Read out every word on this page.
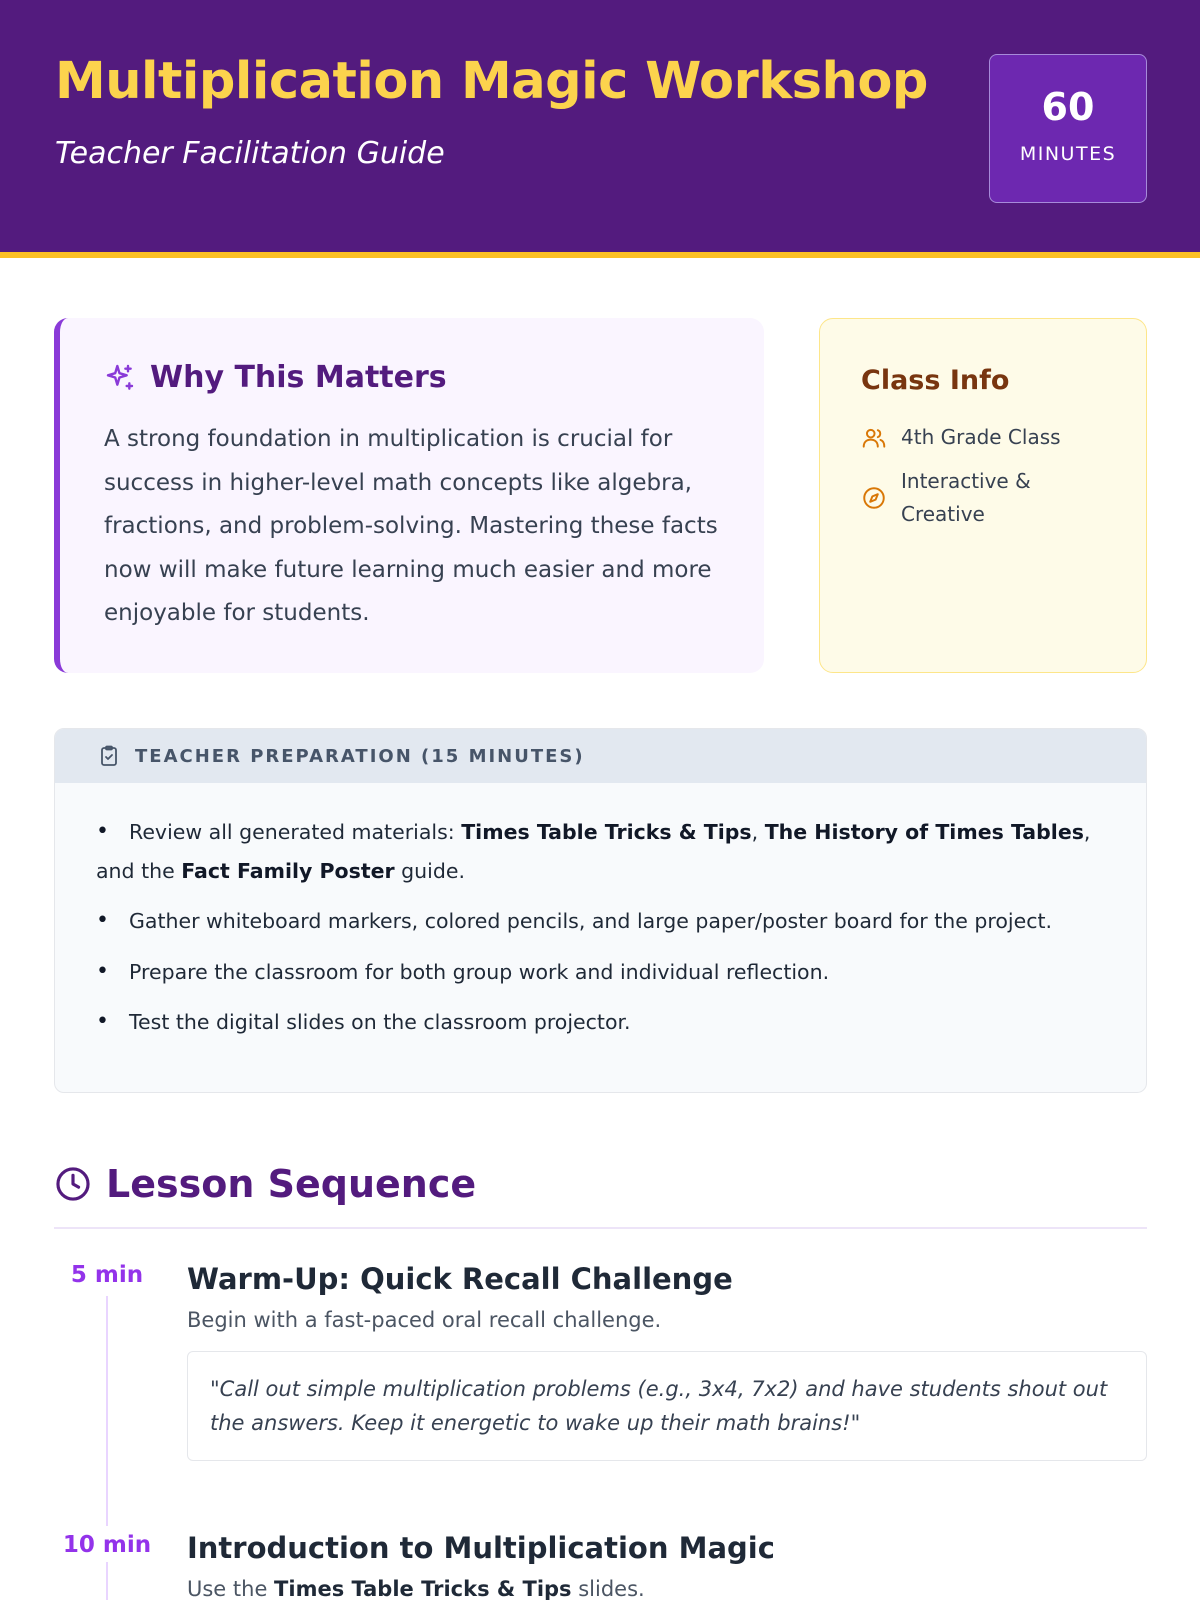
Multiplication Magic Workshop
Teacher Facilitation Guide
60
MINUTES
Why This Matters
A strong foundation in multiplication is crucial for success in higher-level math concepts like algebra, fractions, and problem-solving. Mastering these facts now will make future learning much easier and more enjoyable for students.
Class Info
4th Grade Class
Interactive & Creative
TEACHER PREPARATION (15 MINUTES)
• Review all generated materials: Times Table Tricks & Tips, The History of Times Tables, and the Fact Family Poster guide.
• Gather whiteboard markers, colored pencils, and large paper/poster board for the project.
• Prepare the classroom for both group work and individual reflection.
• Test the digital slides on the classroom projector.
Lesson Sequence
5 min	Warm-Up: Quick Recall Challenge
Begin with a fast-paced oral recall challenge.
"Call out simple multiplication problems (e.g., 3x4, 7x2) and have students shout out the answers. Keep it energetic to wake up their math brains!"
10 min Introduction to Multiplication Magic
Use the Times Table Tricks & Tips slides.
